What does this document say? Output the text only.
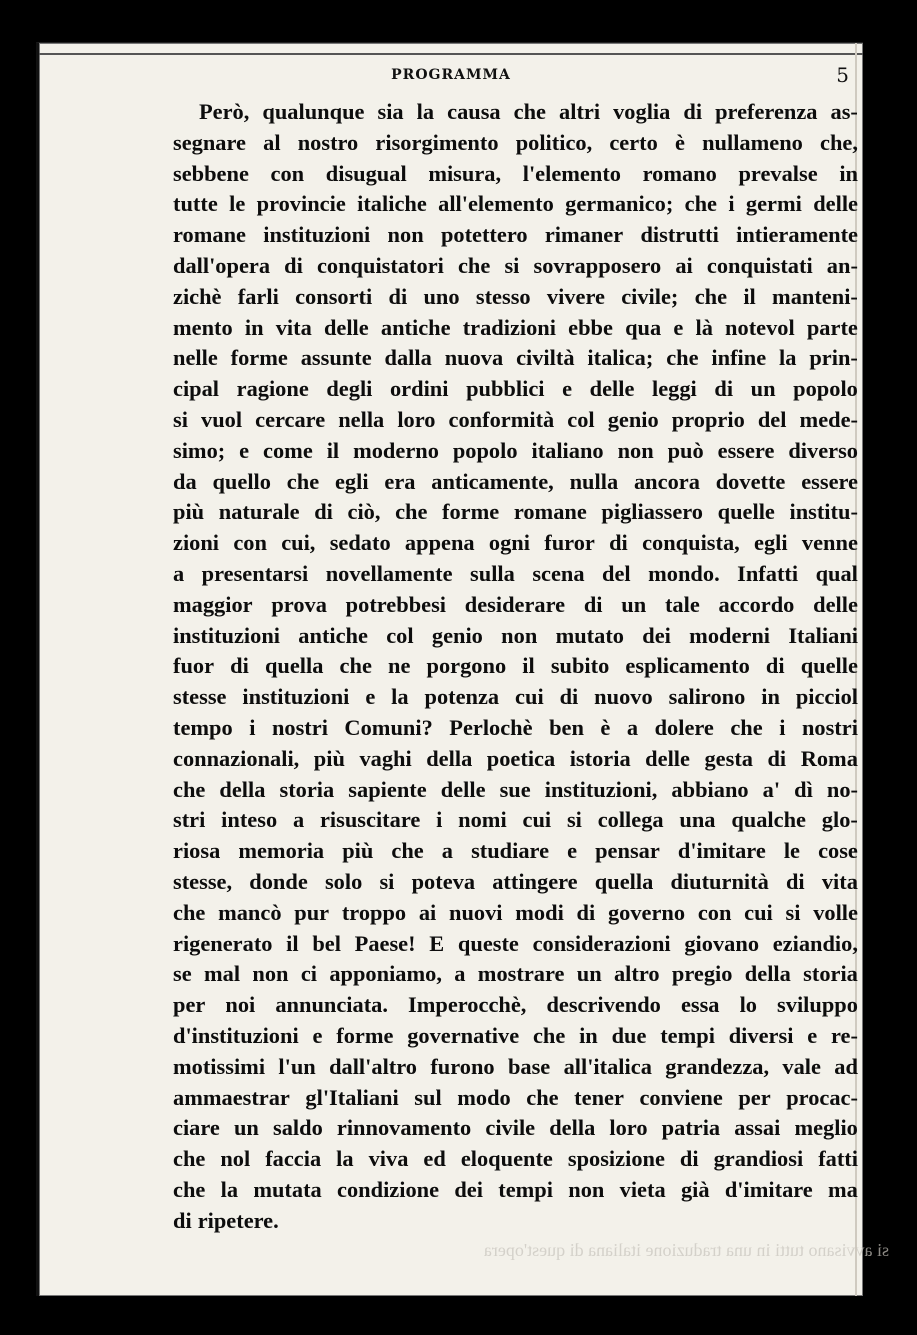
PROGRAMMA	5
Però, qualunque sia la causa che altri voglia di preferenza as-
segnare al nostro risorgimento politico, certo è nullameno che,
sebbene con disugual misura, l'elemento romano prevalse in
tutte le provincie italiche all'elemento germanico; che i germi delle
romane instituzioni non potettero rimaner distrutti intieramente
dall'opera di conquistatori che si sovrapposero ai conquistati an-
zichè farli consorti di uno stesso vivere civile; che il manteni-
mento in vita delle antiche tradizioni ebbe qua e là notevol parte
nelle forme assunte dalla nuova civiltà italica; che infine la prin-
cipal ragione degli ordini pubblici e delle leggi di un popolo
si vuol cercare nella loro conformità col genio proprio del mede-
simo; e come il moderno popolo italiano non può essere diverso
da quello che egli era anticamente, nulla ancora dovette essere
più naturale di ciò, che forme romane pigliassero quelle institu-
zioni con cui, sedato appena ogni furor di conquista, egli venne
a presentarsi novellamente sulla scena del mondo. Infatti qual
maggior prova potrebbesi desiderare di un tale accordo delle
instituzioni antiche col genio non mutato dei moderni Italiani
fuor di quella che ne porgono il subito esplicamento di quelle
stesse instituzioni e la potenza cui di nuovo salirono in picciol
tempo i nostri Comuni? Perlochè ben è a dolere che i nostri
connazionali, più vaghi della poetica istoria delle gesta di Roma
che della storia sapiente delle sue instituzioni, abbiano a' dì no-
stri inteso a risuscitare i nomi cui si collega una qualche glo-
riosa memoria più che a studiare e pensar d'imitare le cose
stesse, donde solo si poteva attingere quella diuturnità di vita
che mancò pur troppo ai nuovi modi di governo con cui si volle
rigenerato il bel Paese! E queste considerazioni giovano eziandio,
se mal non ci apponiamo, a mostrare un altro pregio della storia
per noi annunciata. Imperocchè, descrivendo essa lo sviluppo
d'instituzioni e forme governative che in due tempi diversi e re-
motissimi l'un dall'altro furono base all'italica grandezza, vale ad
ammaestrar gl'Italiani sul modo che tener conviene per procac-
ciare un saldo rinnovamento civile della loro patria assai meglio
che nol faccia la viva ed eloquente sposizione di grandiosi fatti
che la mutata condizione dei tempi non vieta già d'imitare ma
di ripetere.
si avvisano tutti in una traduzione italiana di quest'opera
